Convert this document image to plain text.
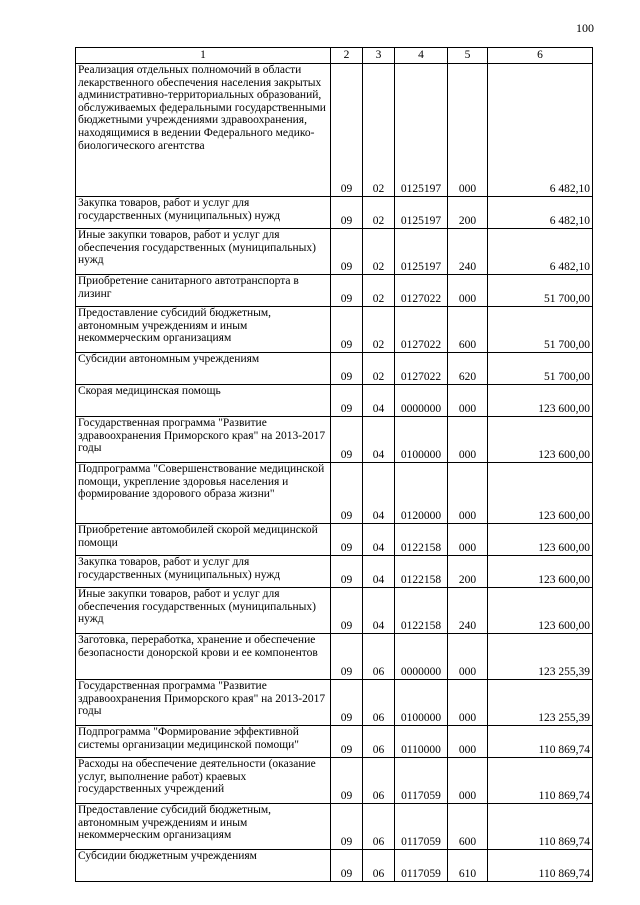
100
1	2	3	4	5	6
Реализация отдельных полномочий в области лекарственного обеспечения населения закрытых административно-территориальных образований, обслуживаемых федеральными государственными бюджетными учреждениями здравоохранения, находящимися в ведении Федерального медико-биологического агентства	09	02	0125197	000	6 482,10
Закупка товаров, работ и услуг для государственных (муниципальных) нужд	09	02	0125197	200	6 482,10
Иные закупки товаров, работ и услуг для обеспечения государственных (муниципальных) нужд	09	02	0125197	240	6 482,10
Приобретение санитарного автотранспорта в лизинг	09	02	0127022	000	51 700,00
Предоставление субсидий бюджетным, автономным учреждениям и иным некоммерческим организациям	09	02	0127022	600	51 700,00
Субсидии автономным учреждениям	09	02	0127022	620	51 700,00
Скорая медицинская помощь	09	04	0000000	000	123 600,00
Государственная программа "Развитие здравоохранения Приморского края" на 2013-2017 годы	09	04	0100000	000	123 600,00
Подпрограмма "Совершенствование медицинской помощи, укрепление здоровья населения и формирование здорового образа жизни"	09	04	0120000	000	123 600,00
Приобретение автомобилей скорой медицинской помощи	09	04	0122158	000	123 600,00
Закупка товаров, работ и услуг для государственных (муниципальных) нужд	09	04	0122158	200	123 600,00
Иные закупки товаров, работ и услуг для обеспечения государственных (муниципальных) нужд	09	04	0122158	240	123 600,00
Заготовка, переработка, хранение и обеспечение безопасности донорской крови и ее компонентов	09	06	0000000	000	123 255,39
Государственная программа "Развитие здравоохранения Приморского края" на 2013-2017 годы	09	06	0100000	000	123 255,39
Подпрограмма "Формирование эффективной системы организации медицинской помощи"	09	06	0110000	000	110 869,74
Расходы на обеспечение деятельности (оказание услуг, выполнение работ) краевых государственных учреждений	09	06	0117059	000	110 869,74
Предоставление субсидий бюджетным, автономным учреждениям и иным некоммерческим организациям	09	06	0117059	600	110 869,74
Субсидии бюджетным учреждениям	09	06	0117059	610	110 869,74
